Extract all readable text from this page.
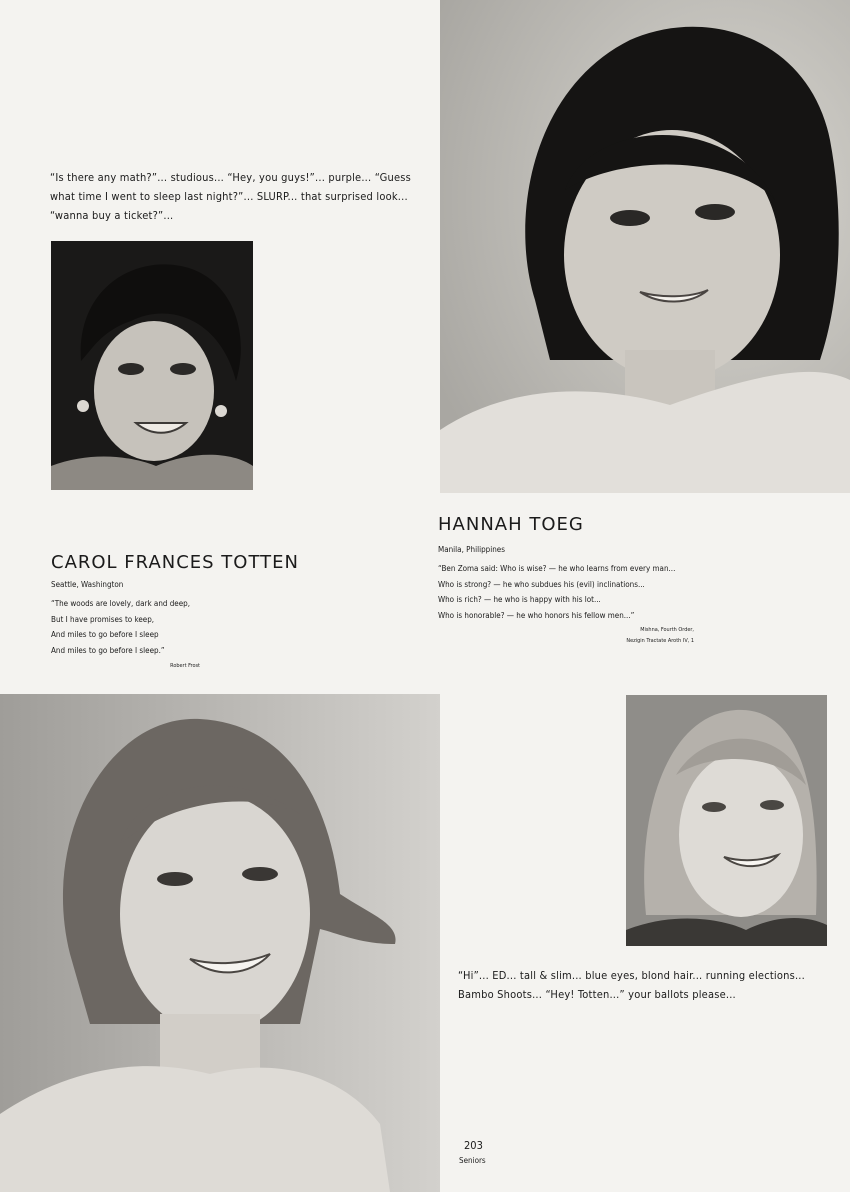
“Is there any math?”... studious... “Hey, you guys!”... purple... “Guess
what time I went to sleep last night?”... SLURP... that surprised look...
“wanna buy a ticket?”...
CAROL FRANCES TOTTEN
Seattle, Washington
“The woods are lovely, dark and deep,
But I have promises to keep,
And miles to go before I sleep
And miles to go before I sleep.”
Robert Frost
HANNAH TOEG
Manila, Philippines
“Ben Zoma said: Who is wise? — he who learns from every man...
Who is strong? — he who subdues his (evil) inclinations...
Who is rich? — he who is happy with his lot...
Who is honorable? — he who honors his fellow men...”
Mishna, Fourth Order,
Nezigin Tractate Aroth IV, 1
“Hi”... ED... tall & slim... blue eyes, blond hair... running elections...
Bambo Shoots... “Hey! Totten...” your ballots please...
203
Seniors
